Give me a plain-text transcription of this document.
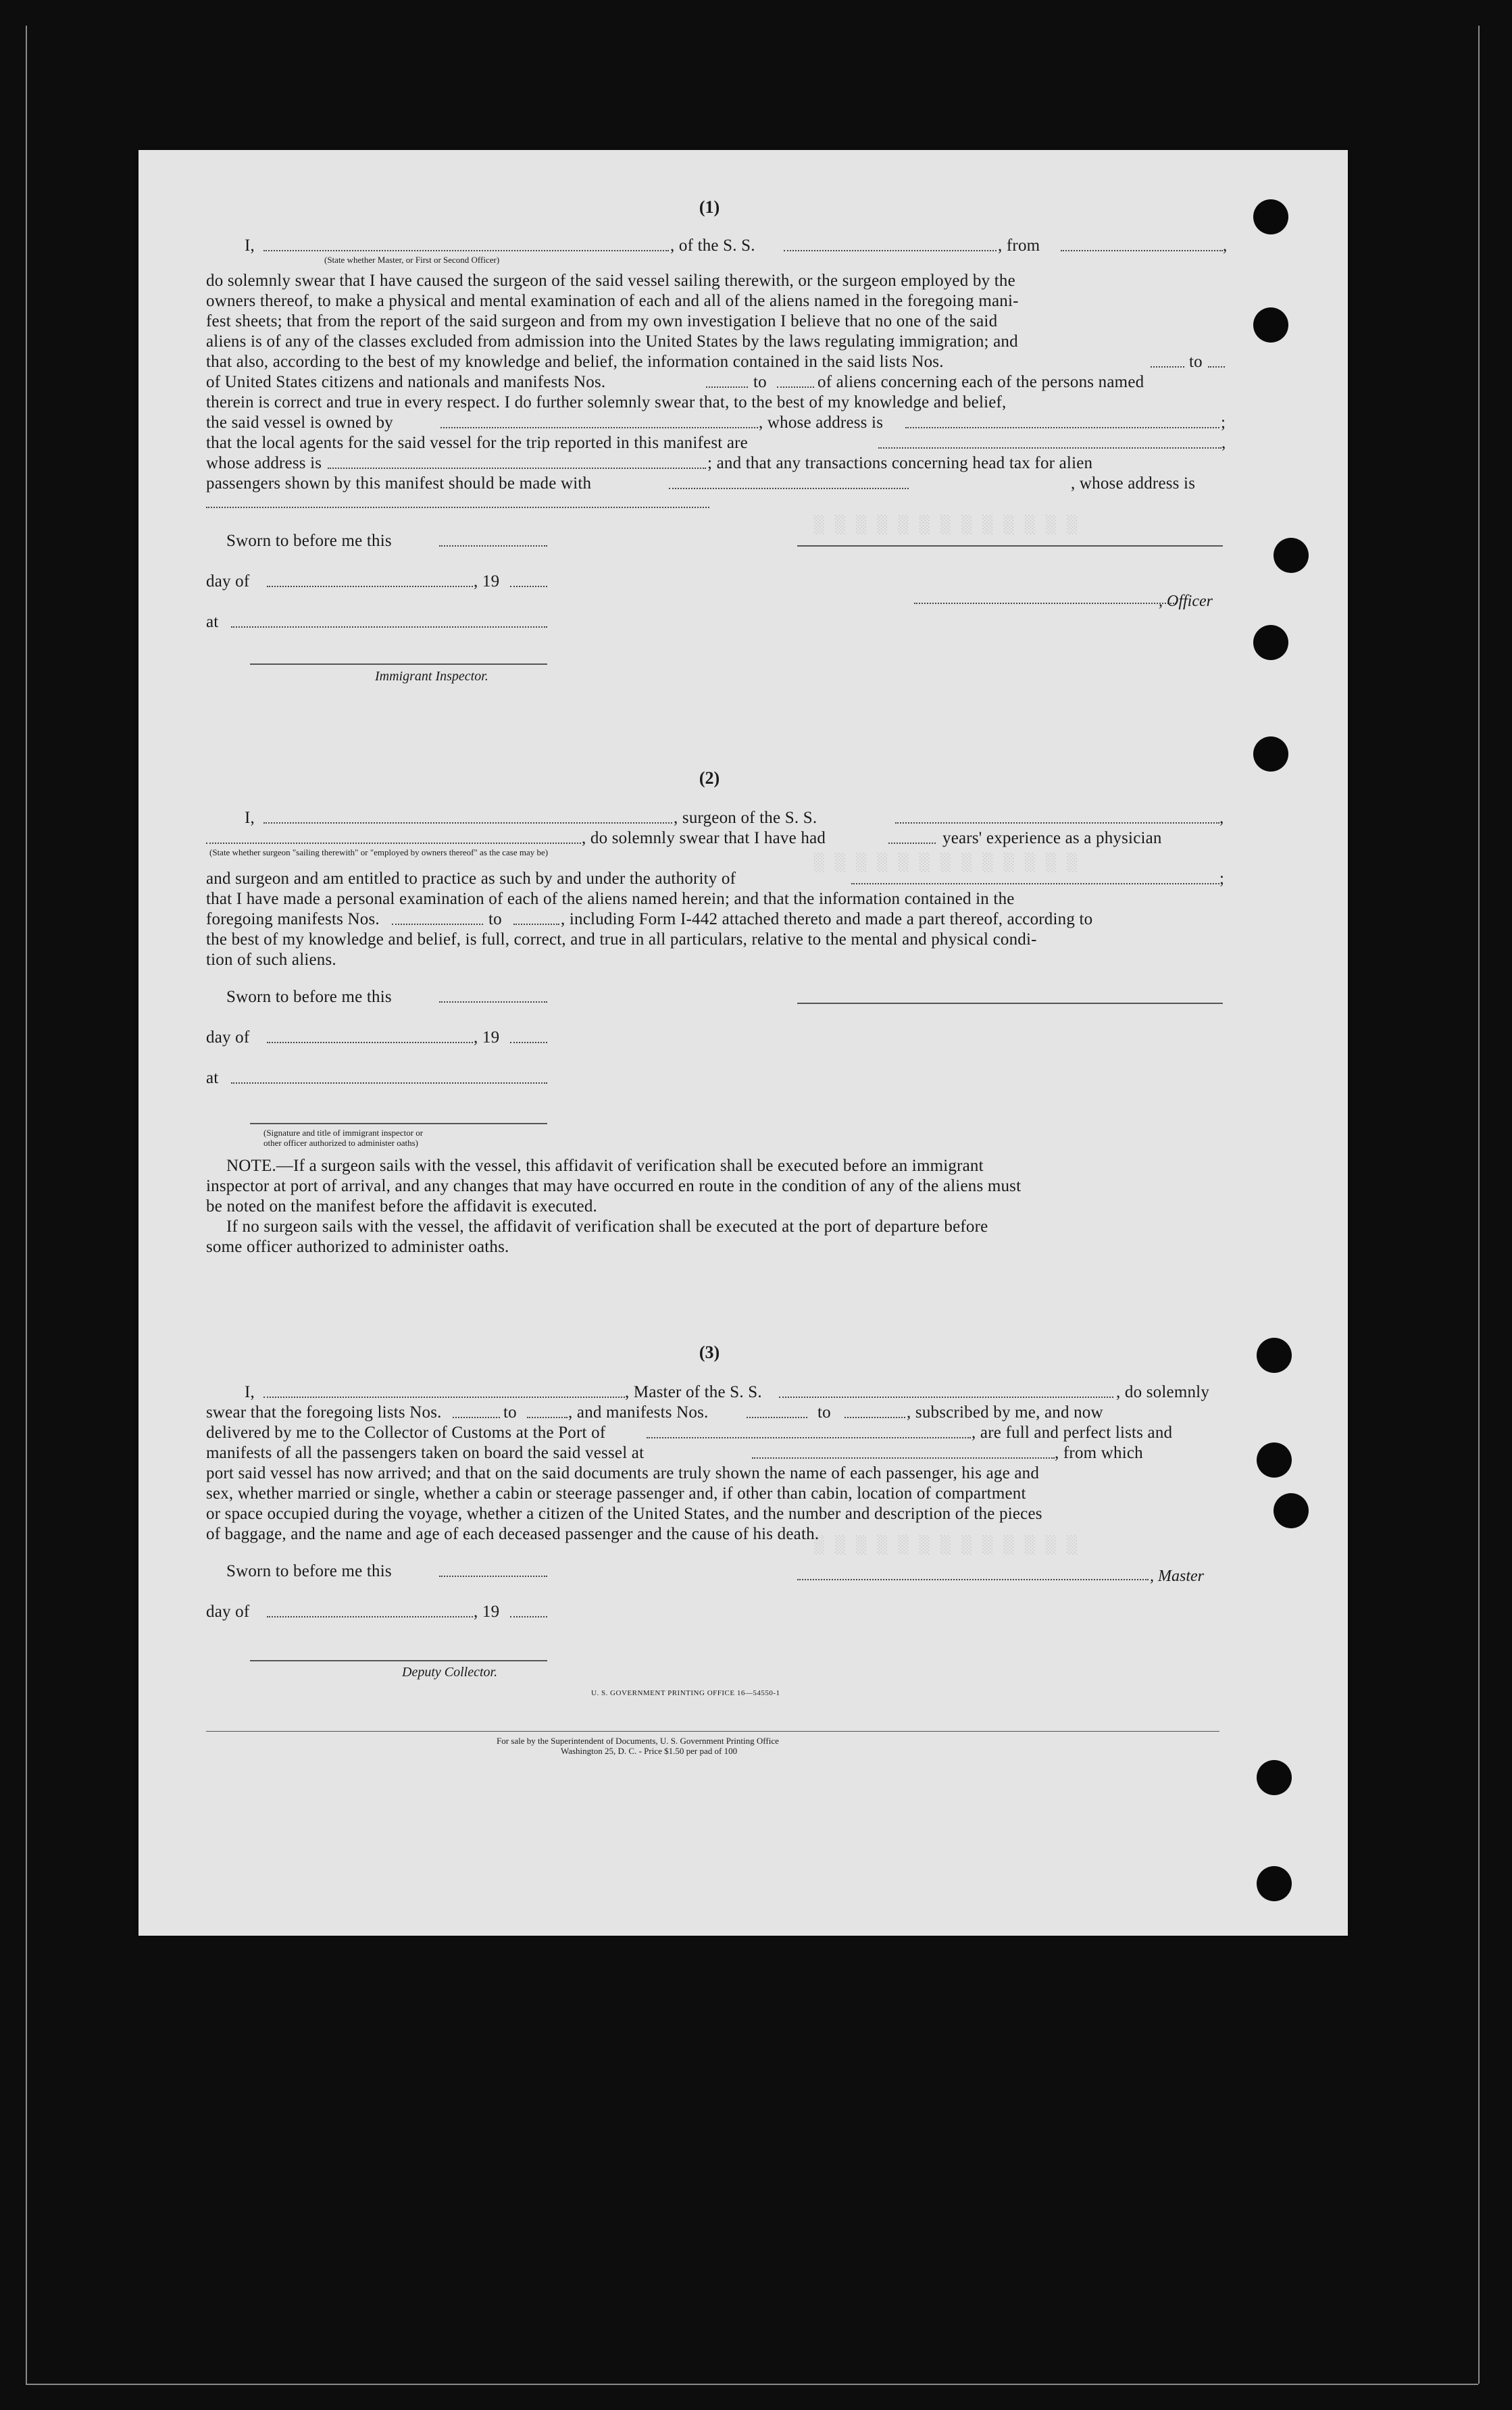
░ ░ ░ ░ ░ ░ ░ ░ ░ ░ ░ ░ ░
░ ░ ░ ░ ░ ░ ░ ░ ░ ░ ░ ░ ░
░ ░ ░ ░ ░ ░ ░ ░ ░ ░ ░ ░ ░
(1)
I,	, of the S. S.	, from	,
(State whether Master, or First or Second Officer)
do solemnly swear that I have caused the surgeon of the said vessel sailing therewith, or the surgeon employed by the
owners thereof, to make a physical and mental examination of each and all of the aliens named in the foregoing mani-
fest sheets; that from the report of the said surgeon and from my own investigation I believe that no one of the said
aliens is of any of the classes excluded from admission into the United States by the laws regulating immigration; and
that also, according to the best of my knowledge and belief, the information contained in the said lists Nos.	to
of United States citizens and nationals and manifests Nos.	to	of aliens concerning each of the persons named
therein is correct and true in every respect. I do further solemnly swear that, to the best of my knowledge and belief,
the said vessel is owned by	, whose address is	;
that the local agents for the said vessel for the trip reported in this manifest are	,
whose address is	; and that any transactions concerning head tax for alien
passengers shown by this manifest should be made with	, whose address is
Sworn to before me this
day of	, 19
, Officer
at
Immigrant Inspector.
(2)
I,	, surgeon of the S. S.	,
, do solemnly swear that I have had	years' experience as a physician
(State whether surgeon "sailing therewith" or "employed by owners thereof" as the case may be)
and surgeon and am entitled to practice as such by and under the authority of	;
that I have made a personal examination of each of the aliens named herein; and that the information contained in the
foregoing manifests Nos.	to	, including Form I-442 attached thereto and made a part thereof, according to
the best of my knowledge and belief, is full, correct, and true in all particulars, relative to the mental and physical condi-
tion of such aliens.
Sworn to before me this
day of	, 19
at
(Signature and title of immigrant inspector or
other officer authorized to administer oaths)
NOTE.—If a surgeon sails with the vessel, this affidavit of verification shall be executed before an immigrant
inspector at port of arrival, and any changes that may have occurred en route in the condition of any of the aliens must
be noted on the manifest before the affidavit is executed.
If no surgeon sails with the vessel, the affidavit of verification shall be executed at the port of departure before
some officer authorized to administer oaths.
(3)
I,	, Master of the S. S.	, do solemnly
swear that the foregoing lists Nos.	to	, and manifests Nos.	to	, subscribed by me, and now
delivered by me to the Collector of Customs at the Port of	, are full and perfect lists and
manifests of all the passengers taken on board the said vessel at	, from which
port said vessel has now arrived; and that on the said documents are truly shown the name of each passenger, his age and
sex, whether married or single, whether a cabin or steerage passenger and, if other than cabin, location of compartment
or space occupied during the voyage, whether a citizen of the United States, and the number and description of the pieces
of baggage, and the name and age of each deceased passenger and the cause of his death.
Sworn to before me this	, Master
day of	, 19
Deputy Collector.
U. S. GOVERNMENT PRINTING OFFICE 16—54550-1
For sale by the Superintendent of Documents, U. S. Government Printing Office
Washington 25, D. C. - Price $1.50 per pad of 100
